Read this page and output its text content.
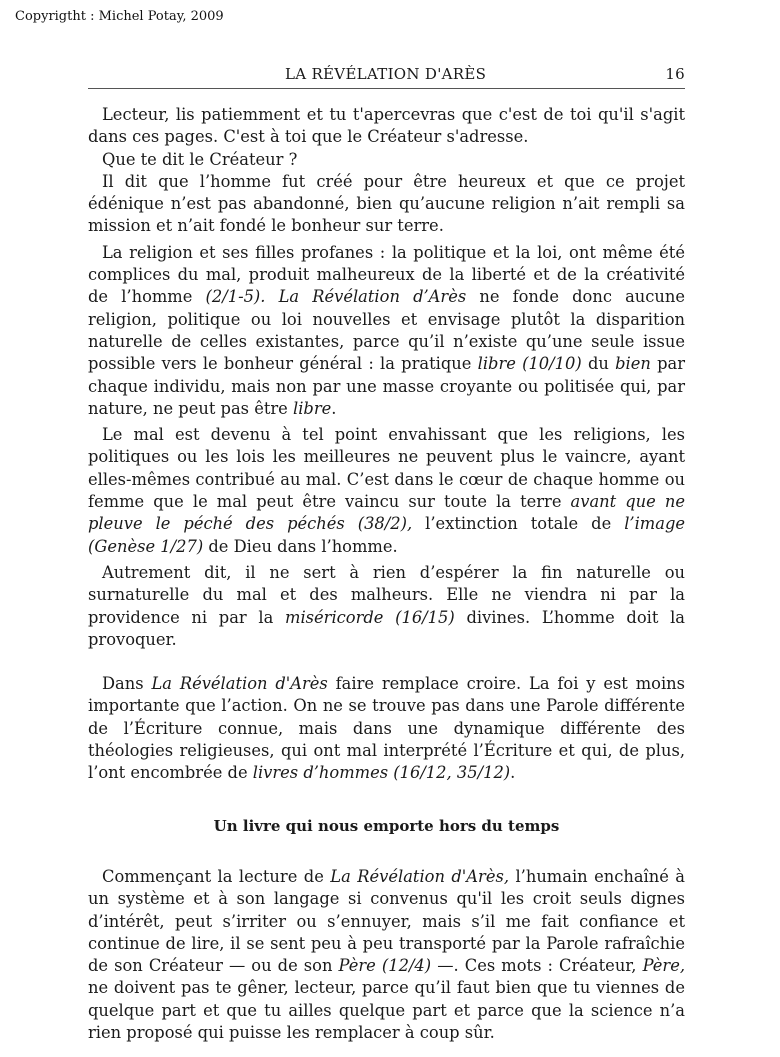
Copyrigtht : Michel Potay, 2009
LA RÉVÉLATION D'ARÈS	16

Lecteur, lis patiemment et tu t'apercevras que c'est de toi qu'il s'agit dans ces pages. C'est à toi que le Créateur s'adresse.

Que te dit le Créateur ?

Il dit que l’homme fut créé pour être heureux et que ce projet édénique n’est pas abandonné, bien qu’aucune religion n’ait rempli sa mission et n’ait fondé le bonheur sur terre.

La religion et ses filles profanes : la politique et la loi, ont même été complices du mal, produit malheureux de la liberté et de la créativité de l’homme (2/1-5). La Révélation d’Arès ne fonde donc aucune religion, politique ou loi nouvelles et envisage plutôt la disparition naturelle de celles existantes, parce qu’il n’existe qu’une seule issue possible vers le bonheur général : la pratique libre (10/10) du bien par chaque individu, mais non par une masse croyante ou politisée qui, par nature, ne peut pas être libre.

Le mal est devenu à tel point envahissant que les religions, les politiques ou les lois les meilleures ne peuvent plus le vaincre, ayant elles-mêmes contribué au mal. C’est dans le cœur de chaque homme ou femme que le mal peut être vaincu sur toute la terre avant que ne pleuve le péché des péchés (38/2), l’extinction totale de l’image (Genèse 1/27) de Dieu dans l’homme.

Autrement dit, il ne sert à rien d’espérer la fin naturelle ou surnaturelle du mal et des malheurs. Elle ne viendra ni par la providence ni par la miséricorde (16/15) divines. L’homme doit la provoquer.

Dans La Révélation d'Arès faire remplace croire. La foi y est moins importante que l’action. On ne se trouve pas dans une Parole différente de l’Écriture connue, mais dans une dynamique différente des théologies religieuses, qui ont mal interprété l’Écriture et qui, de plus, l’ont encombrée de livres d’hommes (16/12, 35/12).

Un livre qui nous emporte hors du temps

Commençant la lecture de La Révélation d'Arès, l’humain enchaîné à un système et à son langage si convenus qu'il les croit seuls dignes d’intérêt, peut s’irriter ou s’ennuyer, mais s’il me fait confiance et continue de lire, il se sent peu à peu transporté par la Parole rafraîchie de son Créateur — ou de son Père (12/4) —. Ces mots : Créateur, Père, ne doivent pas te gêner, lecteur, parce qu’il faut bien que tu viennes de quelque part et que tu ailles quelque part et parce que la science n’a rien proposé qui puisse les remplacer à coup sûr.
